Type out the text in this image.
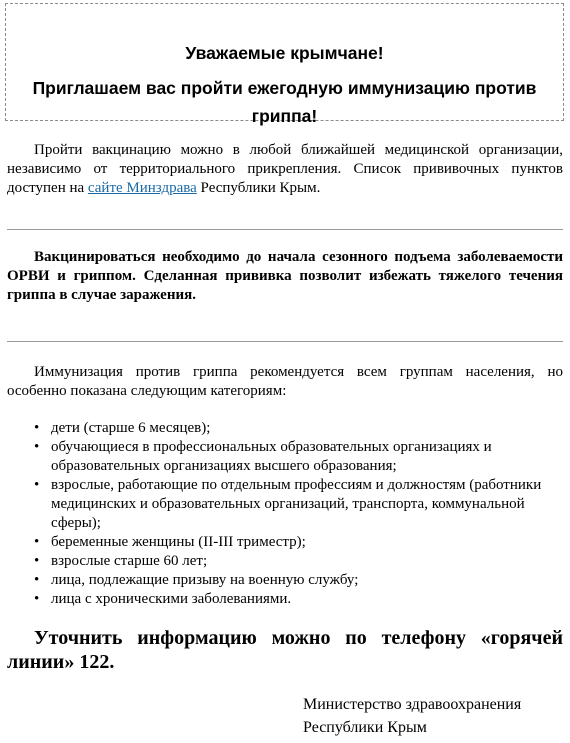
Уважаемые крымчане!
Приглашаем вас пройти ежегодную иммунизацию против гриппа!

Пройти вакцинацию можно в любой ближайшей медицинской организации, независимо от территориального прикрепления. Список прививочных пунктов доступен на сайте Минздрава Республики Крым.

Вакцинироваться необходимо до начала сезонного подъема заболеваемости ОРВИ и гриппом. Сделанная прививка позволит избежать тяжелого течения гриппа в случае заражения.

Иммунизация против гриппа рекомендуется всем группам населения, но особенно показана следующим категориям:

• дети (старше 6 месяцев);
• обучающиеся в профессиональных образовательных организациях и образовательных организациях высшего образования;
• взрослые, работающие по отдельным профессиям и должностям (работники медицинских и образовательных организаций, транспорта, коммунальной сферы);
• беременные женщины (II-III триместр);
• взрослые старше 60 лет;
• лица, подлежащие призыву на военную службу;
• лица с хроническими заболеваниями.

Уточнить информацию можно по телефону «горячей линии» 122.

Министерство здравоохранения
Республики Крым
